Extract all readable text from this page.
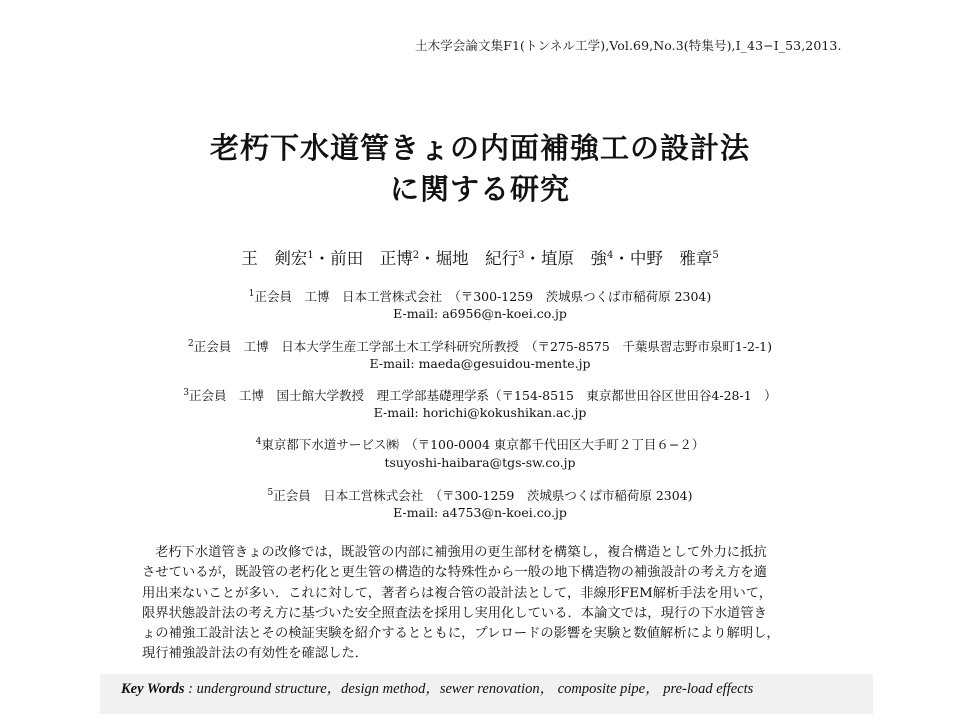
土木学会論文集F1(トンネル工学),Vol.69,No.3(特集号),I_43−I_53,2013.
老朽下水道管きょの内面補強工の設計法
に関する研究
王　剣宏$^1$・前田　正博$^2$・堀地　紀行$^3$・埴原　強$^4$・中野　雅章$^5$
$^1$正会員　工博　日本工営株式会社　（〒300-1259　茨城県つくば市稲荷原 2304)
E-mail: a6956@n-koei.co.jp
$^2$正会員　工博　日本大学生産工学部土木工学科研究所教授　（〒275-8575　千葉県習志野市泉町1-2-1)
E-mail: maeda@gesuidou-mente.jp
$^3$正会員　工博　国士館大学教授　理工学部基礎理学系（〒154-8515　東京都世田谷区世田谷4-28-1　）
E-mail: horichi@kokushikan.ac.jp
$^4$東京都下水道サービス㈱　（〒100-0004 東京都千代田区大手町２丁目６−２）
tsuyoshi-haibara@tgs-sw.co.jp
$^5$正会員　日本工営株式会社　（〒300-1259　茨城県つくば市稲荷原 2304)
E-mail: a4753@n-koei.co.jp
老朽下水道管きょの改修では，既設管の内部に補強用の更生部材を構築し，複合構造として外力に抵抗
させているが，既設管の老朽化と更生管の構造的な特殊性から一般の地下構造物の補強設計の考え方を適
用出来ないことが多い．これに対して，著者らは複合管の設計法として，非線形FEM解析手法を用いて，
限界状態設計法の考え方に基づいた安全照査法を採用し実用化している．本論文では，現行の下水道管き
ょの補強工設計法とその検証実験を紹介するとともに，プレロードの影響を実験と数値解析により解明し，
現行補強設計法の有効性を確認した．
Key Words : underground structure，design method，sewer renovation， composite pipe， pre-load effects
